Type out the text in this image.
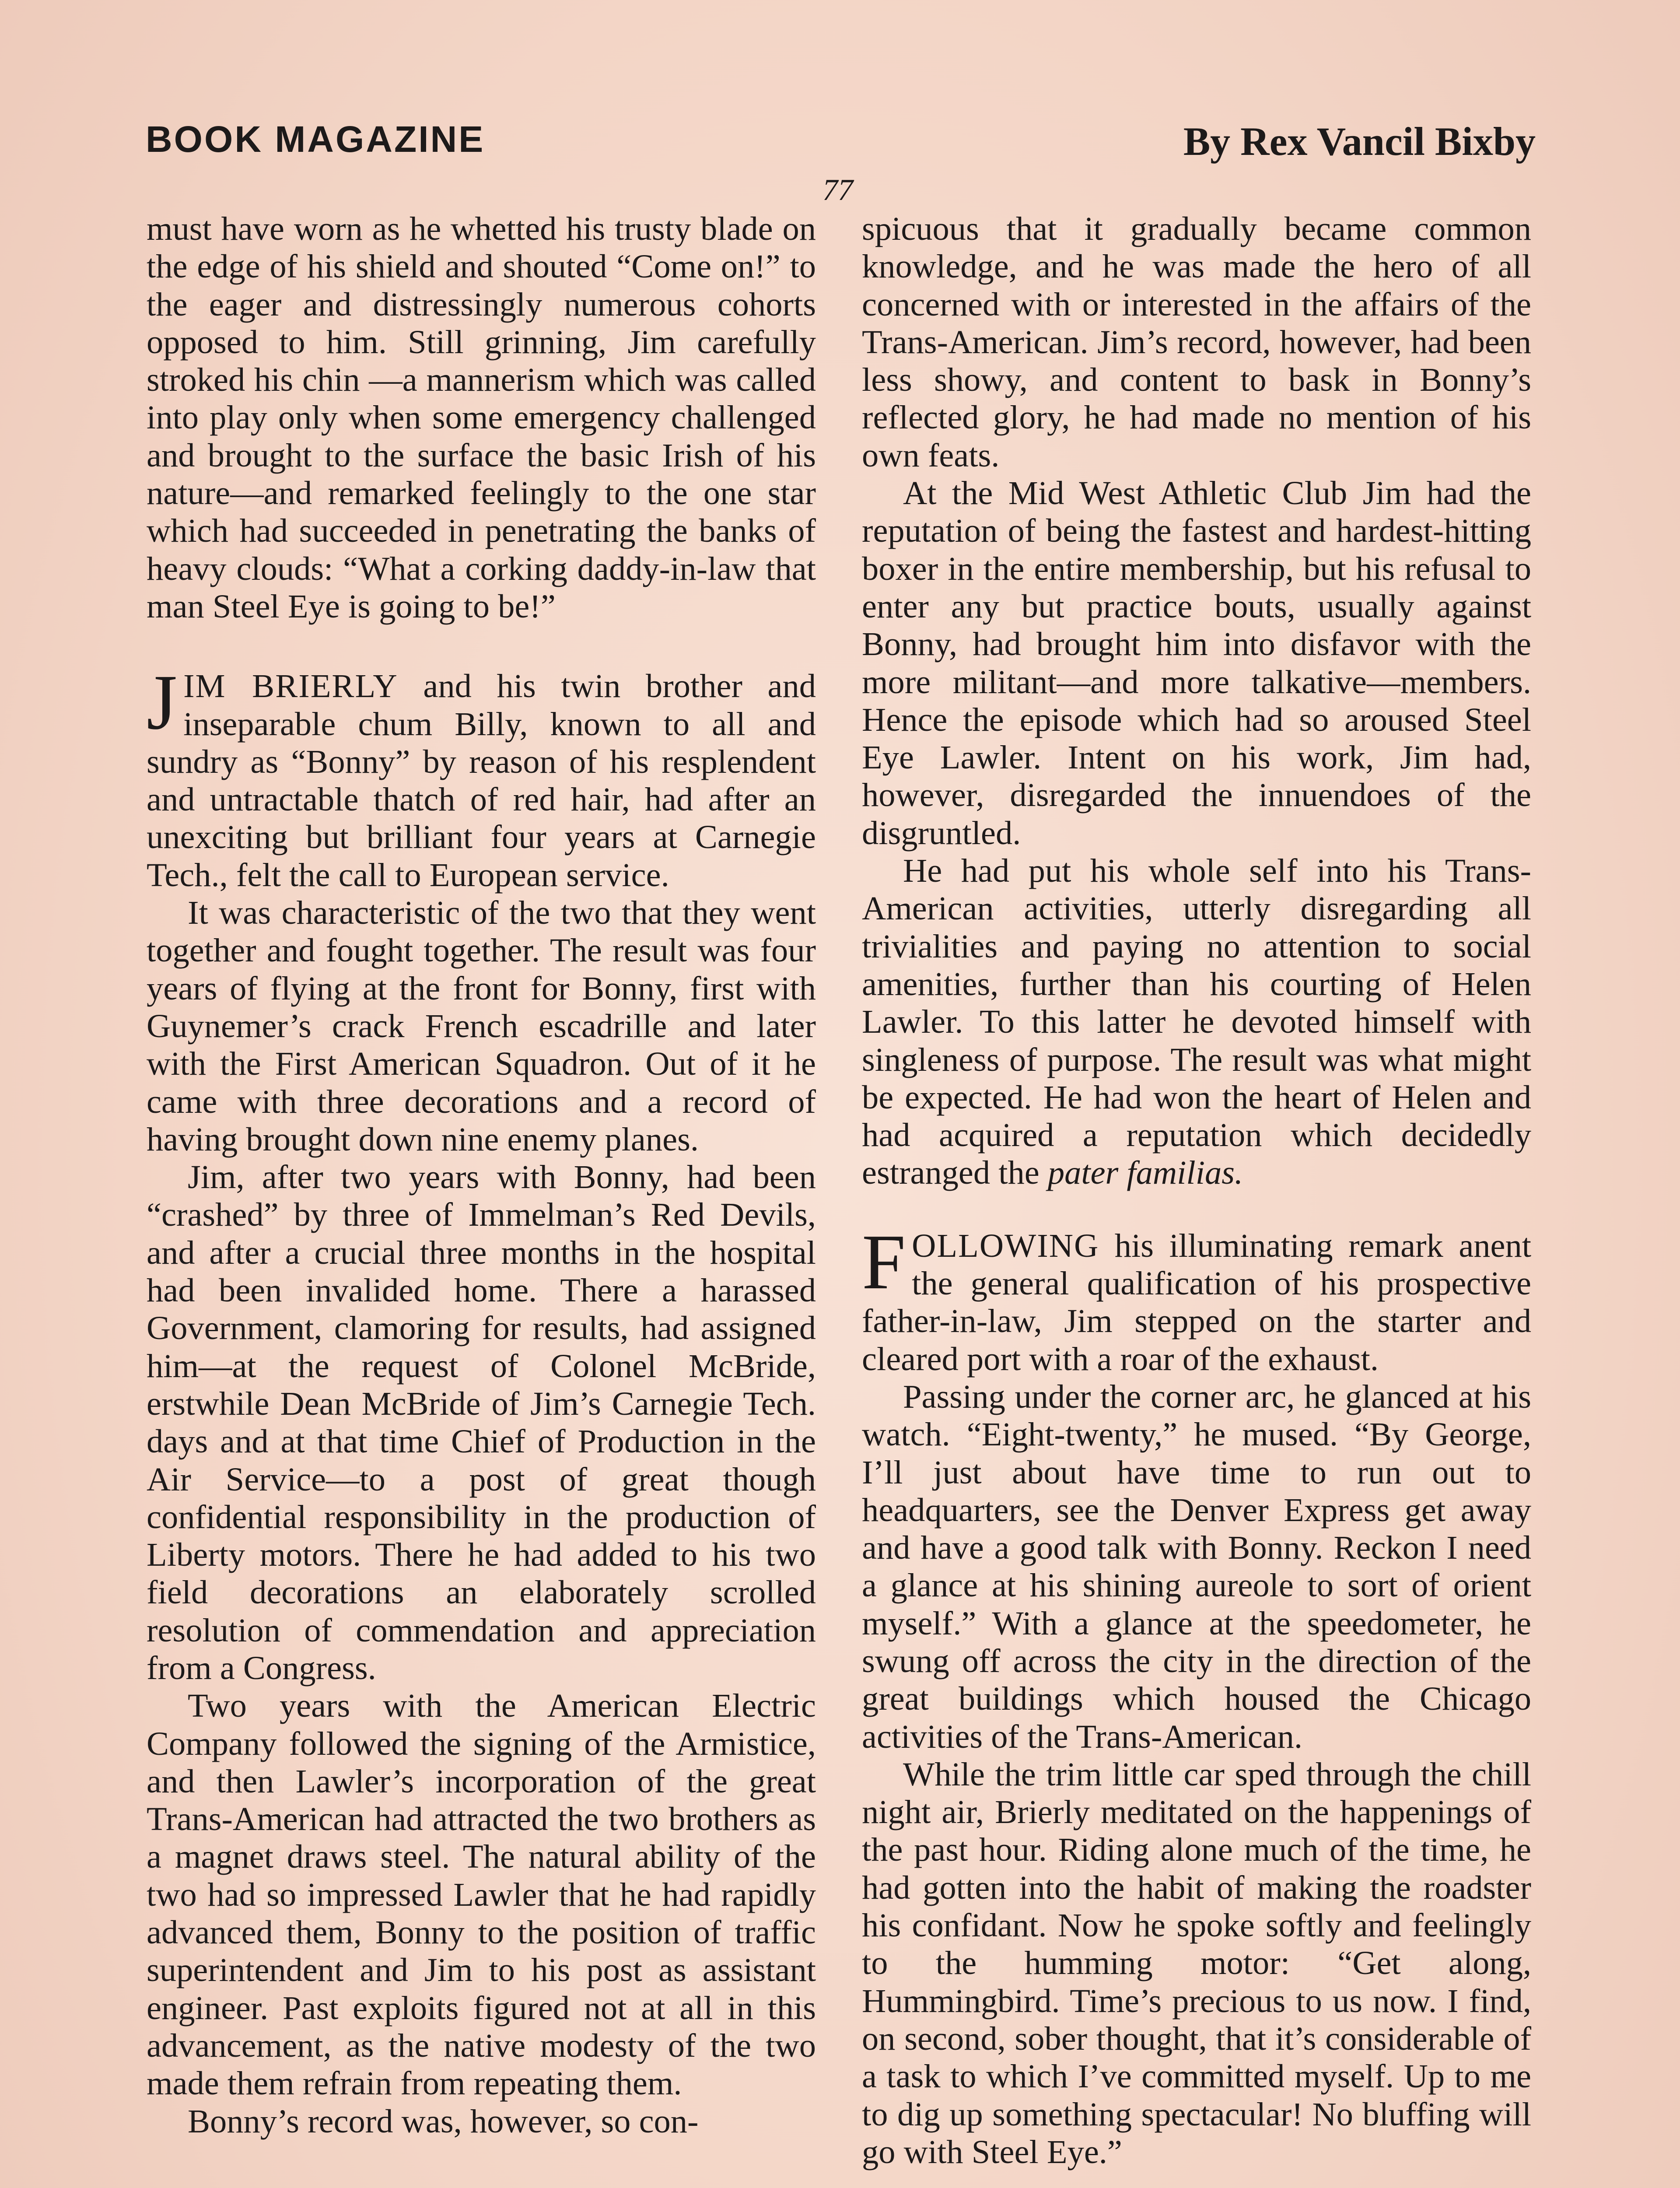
BOOK MAGAZINE	By Rex Vancil Bixby
77

must have worn as he whetted his trusty blade on the edge of his shield and shouted “Come on!” to the eager and distressingly numerous cohorts opposed to him. Still grinning, Jim carefully stroked his chin —a mannerism which was called into play only when some emergency challenged and brought to the surface the basic Irish of his nature—and remarked feelingly to the one star which had succeeded in penetrating the banks of heavy clouds: “What a corking daddy-in-law that man Steel Eye is going to be!”

JIM BRIERLY and his twin brother and inseparable chum Billy, known to all and sundry as “Bonny” by reason of his resplendent and untractable thatch of red hair, had after an unexciting but brilliant four years at Carnegie Tech., felt the call to European service.

It was characteristic of the two that they went together and fought together. The result was four years of flying at the front for Bonny, first with Guynemer’s crack French escadrille and later with the First American Squadron. Out of it he came with three decorations and a record of having brought down nine enemy planes.

Jim, after two years with Bonny, had been “crashed” by three of Immelman’s Red Devils, and after a crucial three months in the hospital had been invalided home. There a harassed Government, clamoring for results, had assigned him—at the request of Colonel McBride, erstwhile Dean McBride of Jim’s Carnegie Tech. days and at that time Chief of Production in the Air Service—to a post of great though confidential responsibility in the production of Liberty motors. There he had added to his two field decorations an elaborately scrolled resolution of commendation and appreciation from a Congress.

Two years with the American Electric Company followed the signing of the Armistice, and then Lawler’s incorporation of the great Trans-American had attracted the two brothers as a magnet draws steel. The natural ability of the two had so impressed Lawler that he had rapidly advanced them, Bonny to the position of traffic superintendent and Jim to his post as assistant engineer. Past exploits figured not at all in this advancement, as the native modesty of the two made them refrain from repeating them.

Bonny’s record was, however, so con-

spicuous that it gradually became common knowledge, and he was made the hero of all concerned with or interested in the affairs of the Trans-American. Jim’s record, however, had been less showy, and content to bask in Bonny’s reflected glory, he had made no mention of his own feats.

At the Mid West Athletic Club Jim had the reputation of being the fastest and hardest-hitting boxer in the entire membership, but his refusal to enter any but practice bouts, usually against Bonny, had brought him into disfavor with the more militant—and more talkative—members. Hence the episode which had so aroused Steel Eye Lawler. Intent on his work, Jim had, however, disregarded the innuendoes of the disgruntled.

He had put his whole self into his Trans-American activities, utterly disregarding all trivialities and paying no attention to social amenities, further than his courting of Helen Lawler. To this latter he devoted himself with singleness of purpose. The result was what might be expected. He had won the heart of Helen and had acquired a reputation which decidedly estranged the pater familias.

FOLLOWING his illuminating remark anent the general qualification of his prospective father-in-law, Jim stepped on the starter and cleared port with a roar of the exhaust.

Passing under the corner arc, he glanced at his watch. “Eight-twenty,” he mused. “By George, I’ll just about have time to run out to headquarters, see the Denver Express get away and have a good talk with Bonny. Reckon I need a glance at his shining aureole to sort of orient myself.” With a glance at the speedometer, he swung off across the city in the direction of the great buildings which housed the Chicago activities of the Trans-American.

While the trim little car sped through the chill night air, Brierly meditated on the happenings of the past hour. Riding alone much of the time, he had gotten into the habit of making the roadster his confidant. Now he spoke softly and feelingly to the humming motor: “Get along, Hummingbird. Time’s precious to us now. I find, on second, sober thought, that it’s considerable of a task to which I’ve committed myself. Up to me to dig up something spectacular! No bluffing will go with Steel Eye.”
